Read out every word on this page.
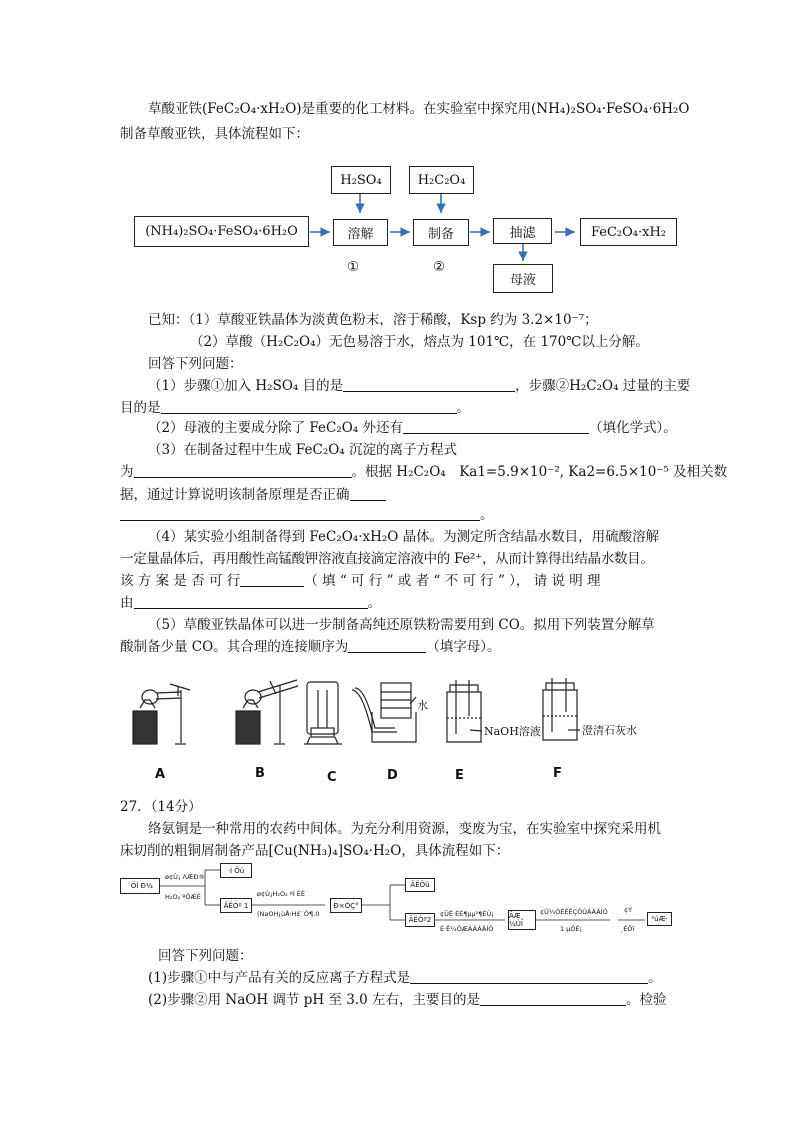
草酸亚铁(FeC₂O₄·xH₂O)是重要的化工材料。在实验室中探究用(NH₄)₂SO₄·FeSO₄·6H₂O
制备草酸亚铁，具体流程如下：
(NH₄)₂SO₄·FeSO₄·6H₂O
H₂SO₄	H₂C₂O₄
溶解	制备	抽滤	FeC₂O₄·xH₂
母液
①	②
已知：（1）草酸亚铁晶体为淡黄色粉末，溶于稀酸，Ksp 约为 3.2×10⁻⁷；
（2）草酸（H₂C₂O₄）无色易溶于水，熔点为 101℃，在 170℃以上分解。
回答下列问题：
（1）步骤①加入 H₂SO₄ 目的是	，步骤②H₂C₂O₄ 过量的主要
目的是	。
（2）母液的主要成分除了 FeC₂O₄ 外还有	（填化学式）。
（3）在制备过程中生成 FeC₂O₄ 沉淀的离子方程式
为	。根据 H₂C₂O₄　Ka1=5.9×10⁻², Ka2=6.5×10⁻⁵ 及相关数
据，通过计算说明该制备原理是否正确
。
（4）某实验小组制备得到 FeC₂O₄·xH₂O 晶体。为测定所含结晶水数目，用硫酸溶解
一定量晶体后，再用酸性高锰酸钾溶液直接滴定溶液中的 Fe²⁺，从而计算得出结晶水数目。
该 方 案 是 否 可 行	（ 填 “ 可 行 ” 或 者 “ 不 可 行 ” ）， 请 说 明 理
由	。
（5）草酸亚铁晶体可以进一步制备高纯还原铁粉需要用到 CO。拟用下列装置分解草
酸制备少量 CO。其合理的连接顺序为	（填字母）。
水
NaOH溶液	澄清石灰水
A	B	C	D	E	F
27．（14分）
络氨铜是一种常用的农药中间体。为充分利用资源，变废为宝，在实验室中探究采用机
床切削的粗铜屑制备产品[Cu(NH₃)₄]SO₄·H₂O，具体流程如下：
´ÖÍ Ð¼
ø¢Ù¡ ΛÆÐ®
H₂O₂ ºÓÆÈ
·Ì Ôü
ÂËÒº 1
ø¢Ú¡H₂O₂ ºÍ ÈÈ
(NaOH¡ùÅ·H£¨Ó¶.0
Ð×ÒÇ°
ÂËÔü
ÂËÒº2
¢ÛË·ÈÈ¶µµ²¶ÈÙ¡
È·Ê¼ÓÆÀÀÀÄÍÓ
ÂÆ¸ ¼ÙÌ
¢Ü¼ÓÈÈËÇÓÙÀÀÄÍÓ
1 µÓÈ¡
¢Ý
¸ÉÔï
²úÆ·
回答下列问题：
(1)步骤①中与产品有关的反应离子方程式是	。
(2)步骤②用 NaOH 调节 pH 至 3.0 左右，主要目的是	。检验
